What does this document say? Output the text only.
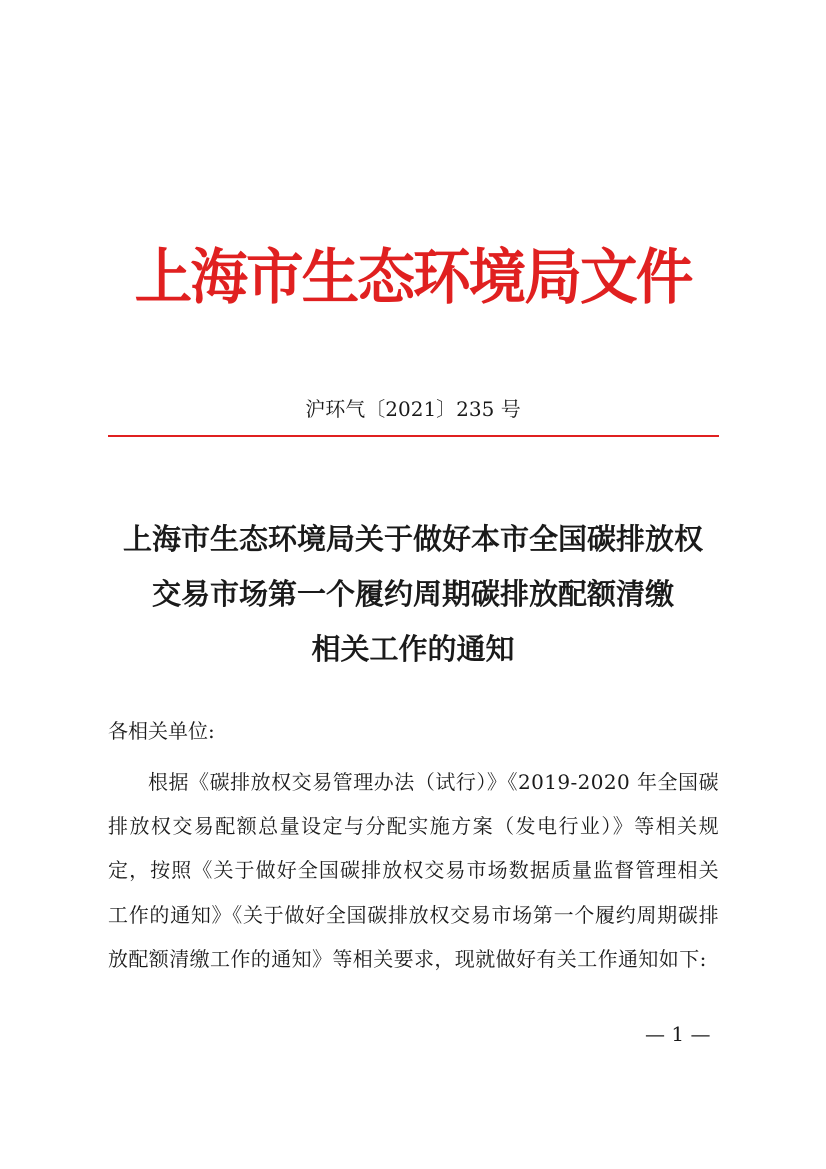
上海市生态环境局文件
沪环气〔2021〕235 号
上海市生态环境局关于做好本市全国碳排放权
交易市场第一个履约周期碳排放配额清缴
相关工作的通知
各相关单位:

根据《碳排放权交易管理办法（试行）》《2019-2020 年全国碳排放权交易配额总量设定与分配实施方案（发电行业）》等相关规定，按照《关于做好全国碳排放权交易市场数据质量监督管理相关工作的通知》《关于做好全国碳排放权交易市场第一个履约周期碳排放配额清缴工作的通知》等相关要求，现就做好有关工作通知如下:

— 1 —
